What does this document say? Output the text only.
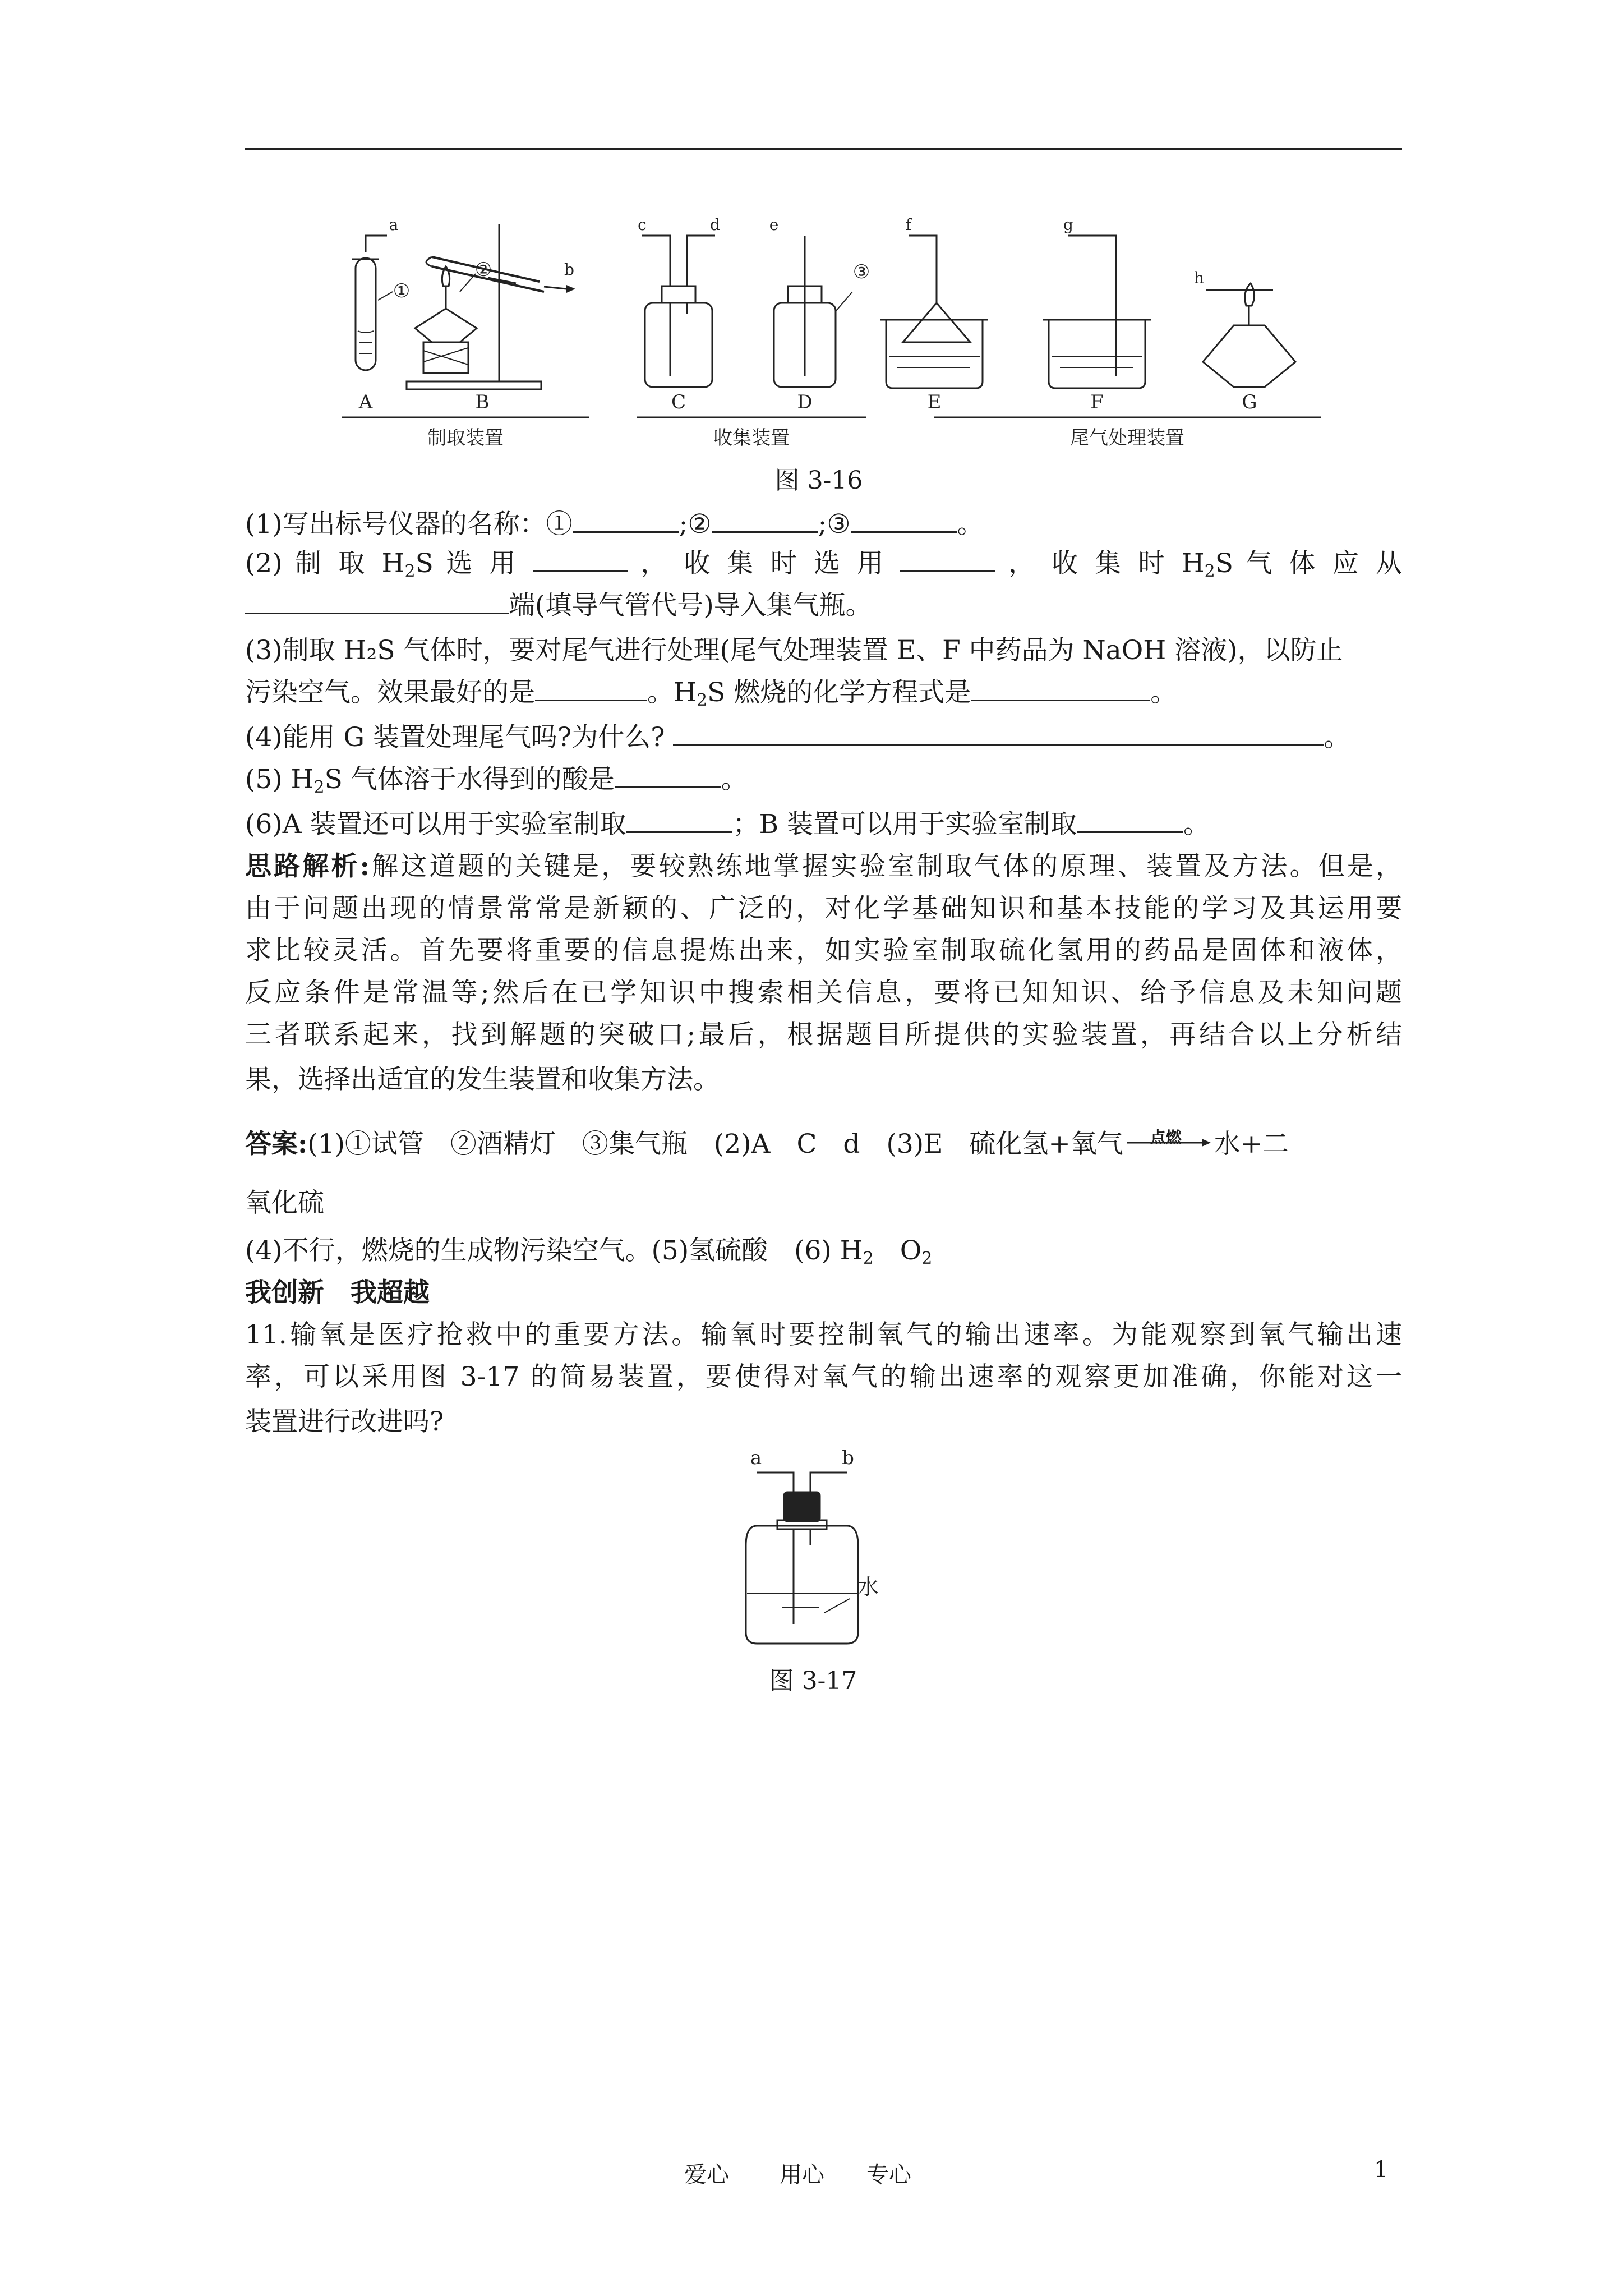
A	B	C	D	E	F	G
a
b
c	d	e	f	g
h
①
②	③
制取装置	收集装置	尾气处理装置
图 3-16

(1)写出标号仪器的名称：①	;②	;③	。

(2) 制 取 $H_2S$ 选 用	， 收 集 时 选 用	， 收 集 时 $H_2S$ 气 体 应 从

端(填导气管代号)导入集气瓶。

(3)制取 H₂S 气体时，要对尾气进行处理(尾气处理装置 E、F 中药品为 NaOH 溶液)，以防止

污染空气。效果最好的是	。$H_2S$ 燃烧的化学方程式是	。

(4)能用 G 装置处理尾气吗?为什么?	。

(5) $H_2S$ 气体溶于水得到的酸是	。

(6)A 装置还可以用于实验室制取	；B 装置可以用于实验室制取	。

思路解析:解这道题的关键是，要较熟练地掌握实验室制取气体的原理、装置及方法。但是，

由于问题出现的情景常常是新颖的、广泛的，对化学基础知识和基本技能的学习及其运用要

求比较灵活。首先要将重要的信息提炼出来，如实验室制取硫化氢用的药品是固体和液体，

反应条件是常温等;然后在已学知识中搜索相关信息，要将已知知识、给予信息及未知问题

三者联系起来，找到解题的突破口;最后，根据题目所提供的实验装置，再结合以上分析结

果，选择出适宜的发生装置和收集方法。

答案:(1)①试管　②酒精灯　③集气瓶　(2)A　C　d　(3)E　硫化氢+氧气	点燃	水+二

氧化硫

(4)不行，燃烧的生成物污染空气。(5)氢硫酸　(6) $H_2$　$O_2$

我创新　我超越

11.输氧是医疗抢救中的重要方法。输氧时要控制氧气的输出速率。为能观察到氧气输出速

率，可以采用图 3-17 的简易装置，要使得对氧气的输出速率的观察更加准确，你能对这一

装置进行改进吗?

a	b
水
图 3-17
爱心 用心 专心	1
